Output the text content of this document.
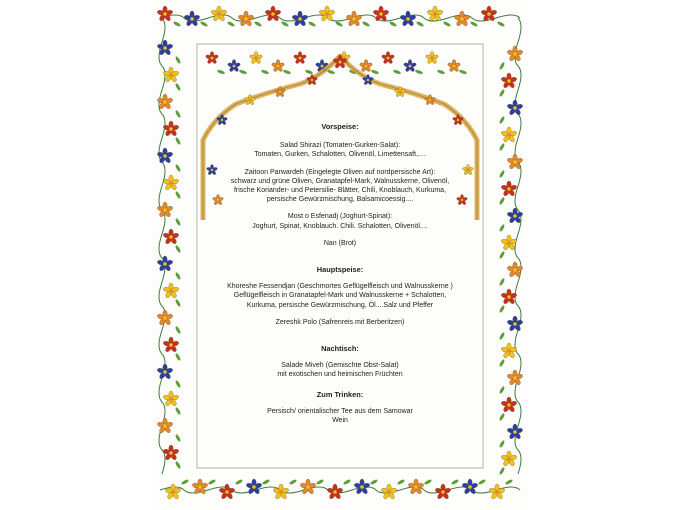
Vorspeise:
Salad Shirazi (Tomaten-Gurken-Salat):
Tomaten, Gurken, Schalotten, Olivenöl, Limettensaft,....
Zaitoon Parwardeh (Eingelegte Oliven auf nordpersische Art):
schwarz und grüne Oliven, Granatapfel-Mark, Walnusskerne, Olivenöl,
frische Koriander- und Petersilie- Blätter, Chili, Knoblauch, Kurkuma,
persische Gewürzmischung, Balsamicoessig....
Most o Esfenadj (Joghurt-Spinat):
Joghurt, Spinat, Knoblauch. Chili. Schalotten, Olivenöl....
Nan (Brot)
Hauptspeise:
Khoreshe Fessendjan (Geschmortes Geflügelfleisch und Walnusskerne )
Geflügelfleisch in Granatapfel-Mark und Walnusskerne + Schalotten,
Kurkuma, persische Gewürzmischung, Öl....Salz und Pfeffer
Zereshk Polo (Safrenreis mit Berberitzen)
Nachtisch:
Salade Miveh (Gemischte Obst-Salat)
mit exotischen und heimischen Früchten
Zum Trinken:
Persisch/ orientalischer Tee aus dem Samowar
Wein
